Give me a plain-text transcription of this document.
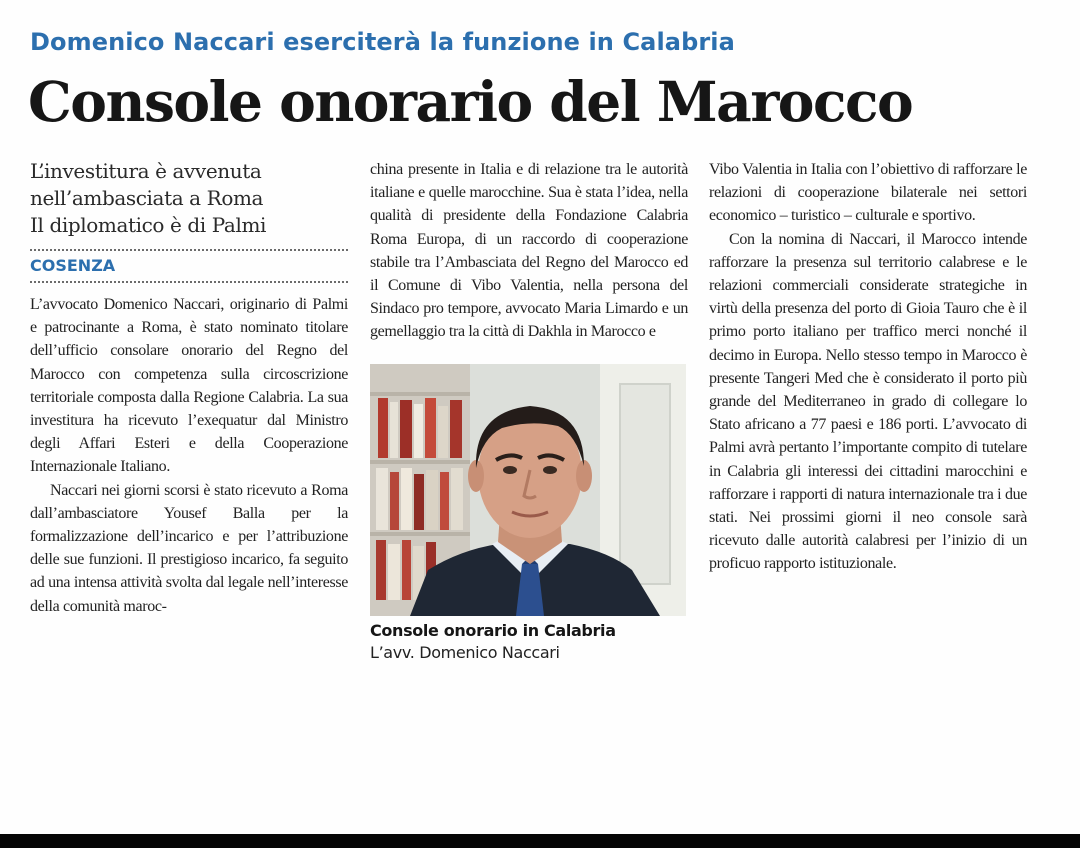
Domenico Naccari eserciterà la funzione in Calabria
Console onorario del Marocco
L’investitura è avvenuta
nell’ambasciata a Roma
Il diplomatico è di Palmi
COSENZA

L’avvocato Domenico Naccari, originario di Palmi e patrocinante a Roma, è stato nominato titolare dell’ufficio consolare onorario del Regno del Marocco con competenza sulla circoscrizione territoriale composta dalla Regione Calabria. La sua investitura ha ricevuto l’exequatur dal Ministro degli Affari Esteri e della Cooperazione Internazionale Italiano.

Naccari nei giorni scorsi è stato ricevuto a Roma dall’ambasciatore Yousef Balla per la formalizzazione dell’incarico e per l’attribuzione delle sue funzioni. Il prestigioso incarico, fa seguito ad una intensa attività svolta dal legale nell’interesse della comunità maroc-

china presente in Italia e di relazione tra le autorità italiane e quelle marocchine. Sua è stata l’idea, nella qualità di presidente della Fondazione Calabria Roma Europa, di un raccordo di cooperazione stabile tra l’Ambasciata del Regno del Marocco ed il Comune di Vibo Valentia, nella persona del Sindaco pro tempore, avvocato Maria Limardo e un gemellaggio tra la città di Dakhla in Marocco e

Console onorario in Calabria
L’avv. Domenico Naccari

Vibo Valentia in Italia con l’obiettivo di rafforzare le relazioni di cooperazione bilaterale nei settori economico – turistico – culturale e sportivo.

Con la nomina di Naccari, il Marocco intende rafforzare la presenza sul territorio calabrese e le relazioni commerciali considerate strategiche in virtù della presenza del porto di Gioia Tauro che è il primo porto italiano per traffico merci nonché il decimo in Europa. Nello stesso tempo in Marocco è presente Tangeri Med che è considerato il porto più grande del Mediterraneo in grado di collegare lo Stato africano a 77 paesi e 186 porti. L’avvocato di Palmi avrà pertanto l’importante compito di tutelare in Calabria gli interessi dei cittadini marocchini e rafforzare i rapporti di natura internazionale tra i due stati. Nei prossimi giorni il neo console sarà ricevuto dalle autorità calabresi per l’inizio di un proficuo rapporto istituzionale.
